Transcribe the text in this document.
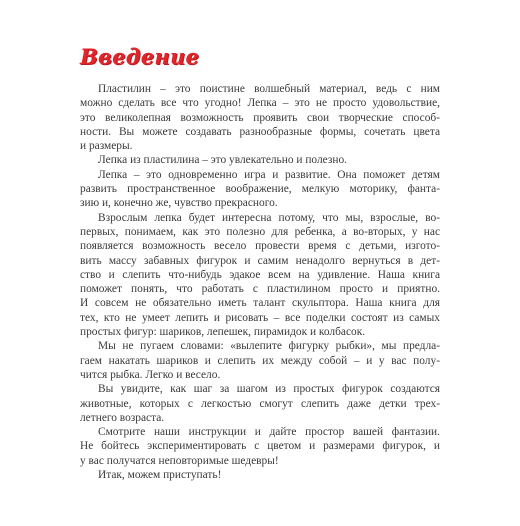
Введение
Пластилин – это поистине волшебный материал, ведь с ним
можно сделать все что угодно! Лепка – это не просто удовольствие,
это великолепная возможность проявить свои творческие способ-
ности. Вы можете создавать разнообразные формы, сочетать цвета
и размеры.
Лепка из пластилина – это увлекательно и полезно.
Лепка – это одновременно игра и развитие. Она поможет детям
развить пространственное воображение, мелкую моторику, фанта-
зию и, конечно же, чувство прекрасного.
Взрослым лепка будет интересна потому, что мы, взрослые, во-
первых, понимаем, как это полезно для ребенка, а во-вторых, у нас
появляется возможность весело провести время с детьми, изгото-
вить массу забавных фигурок и самим ненадолго вернуться в дет-
ство и слепить что-нибудь эдакое всем на удивление. Наша книга
поможет понять, что работать с пластилином просто и приятно.
И совсем не обязательно иметь талант скульптора. Наша книга для
тех, кто не умеет лепить и рисовать – все поделки состоят из самых
простых фигур: шариков, лепешек, пирамидок и колбасок.
Мы не пугаем словами: «вылепите фигурку рыбки», мы предла-
гаем накатать шариков и слепить их между собой – и у вас полу-
чится рыбка. Легко и весело.
Вы увидите, как шаг за шагом из простых фигурок создаются
животные, которых с легкостью смогут слепить даже детки трех-
летнего возраста.
Смотрите наши инструкции и дайте простор вашей фантазии.
Не бойтесь экспериментировать с цветом и размерами фигурок, и
у вас получатся неповторимые шедевры!
Итак, можем приступать!
